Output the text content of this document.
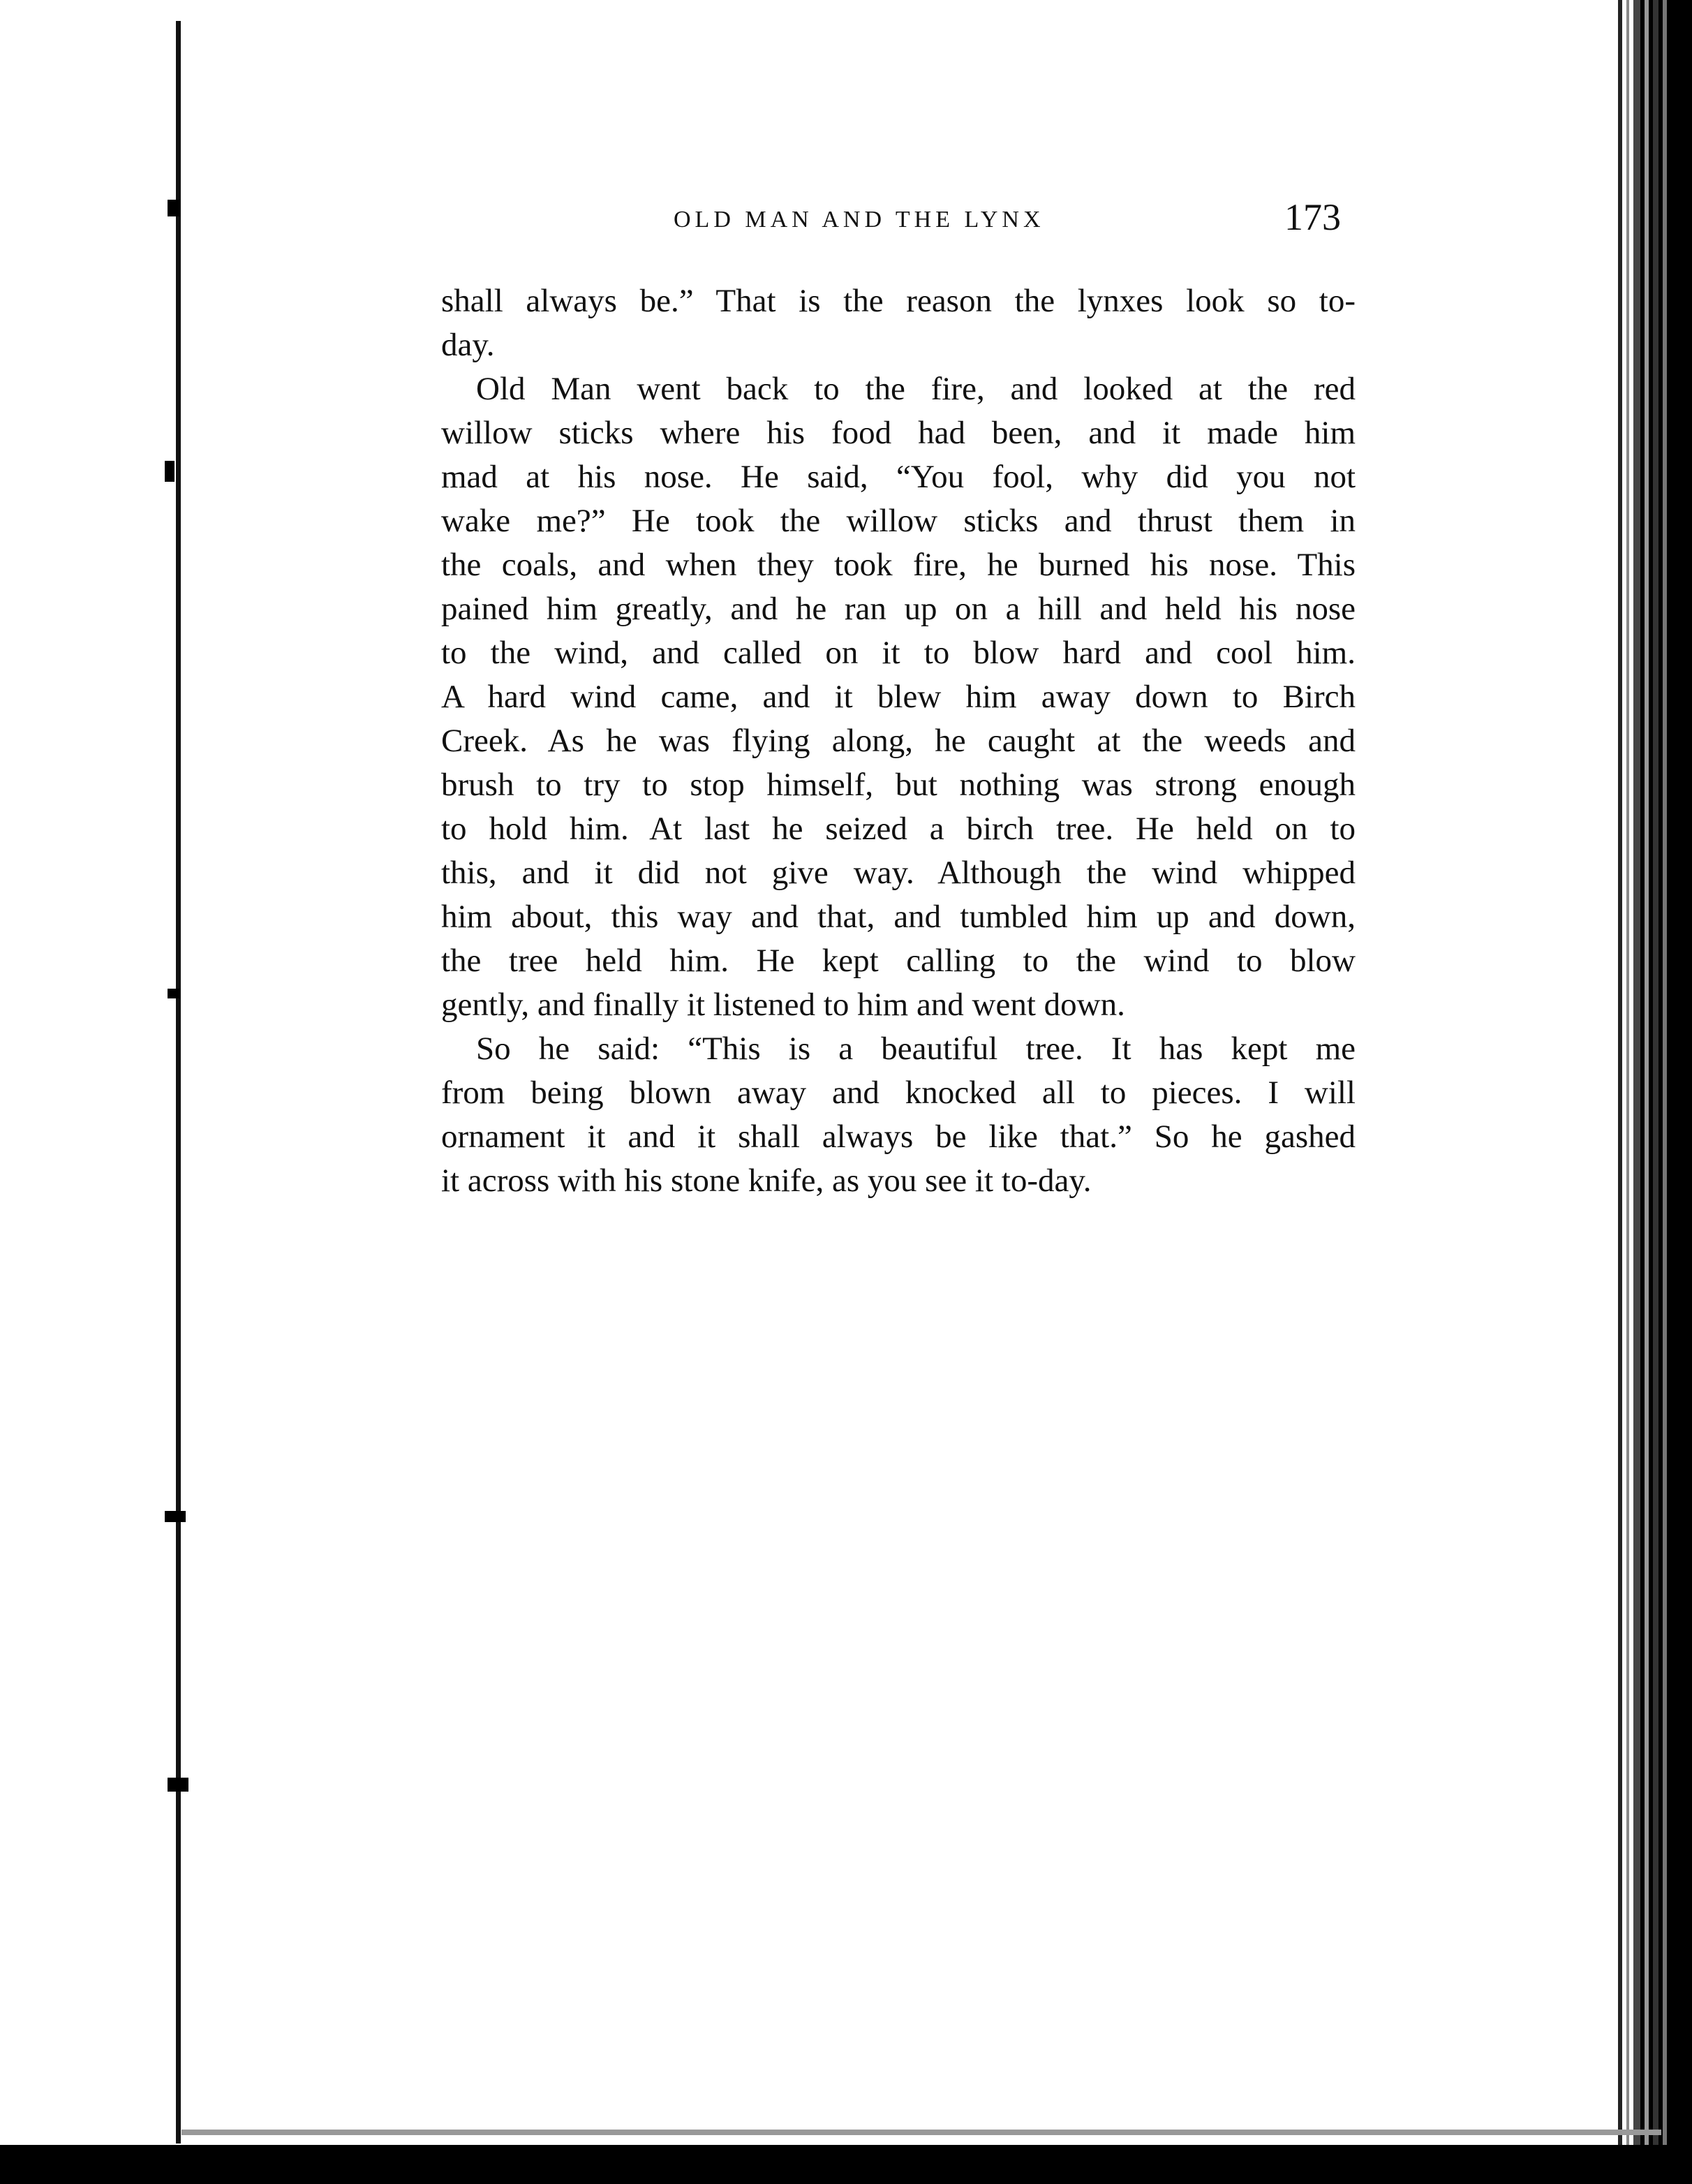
OLD MAN AND THE LYNX	173
shall always be.” That is the reason the lynxes look so to-
day.
Old Man went back to the fire, and looked at the red
willow sticks where his food had been, and it made him
mad at his nose. He said, “You fool, why did you not
wake me?” He took the willow sticks and thrust them in
the coals, and when they took fire, he burned his nose. This
pained him greatly, and he ran up on a hill and held his nose
to the wind, and called on it to blow hard and cool him.
A hard wind came, and it blew him away down to Birch
Creek. As he was flying along, he caught at the weeds and
brush to try to stop himself, but nothing was strong enough
to hold him. At last he seized a birch tree. He held on to
this, and it did not give way. Although the wind whipped
him about, this way and that, and tumbled him up and down,
the tree held him. He kept calling to the wind to blow
gently, and finally it listened to him and went down.
So he said: “This is a beautiful tree. It has kept me
from being blown away and knocked all to pieces. I will
ornament it and it shall always be like that.” So he gashed
it across with his stone knife, as you see it to-day.
